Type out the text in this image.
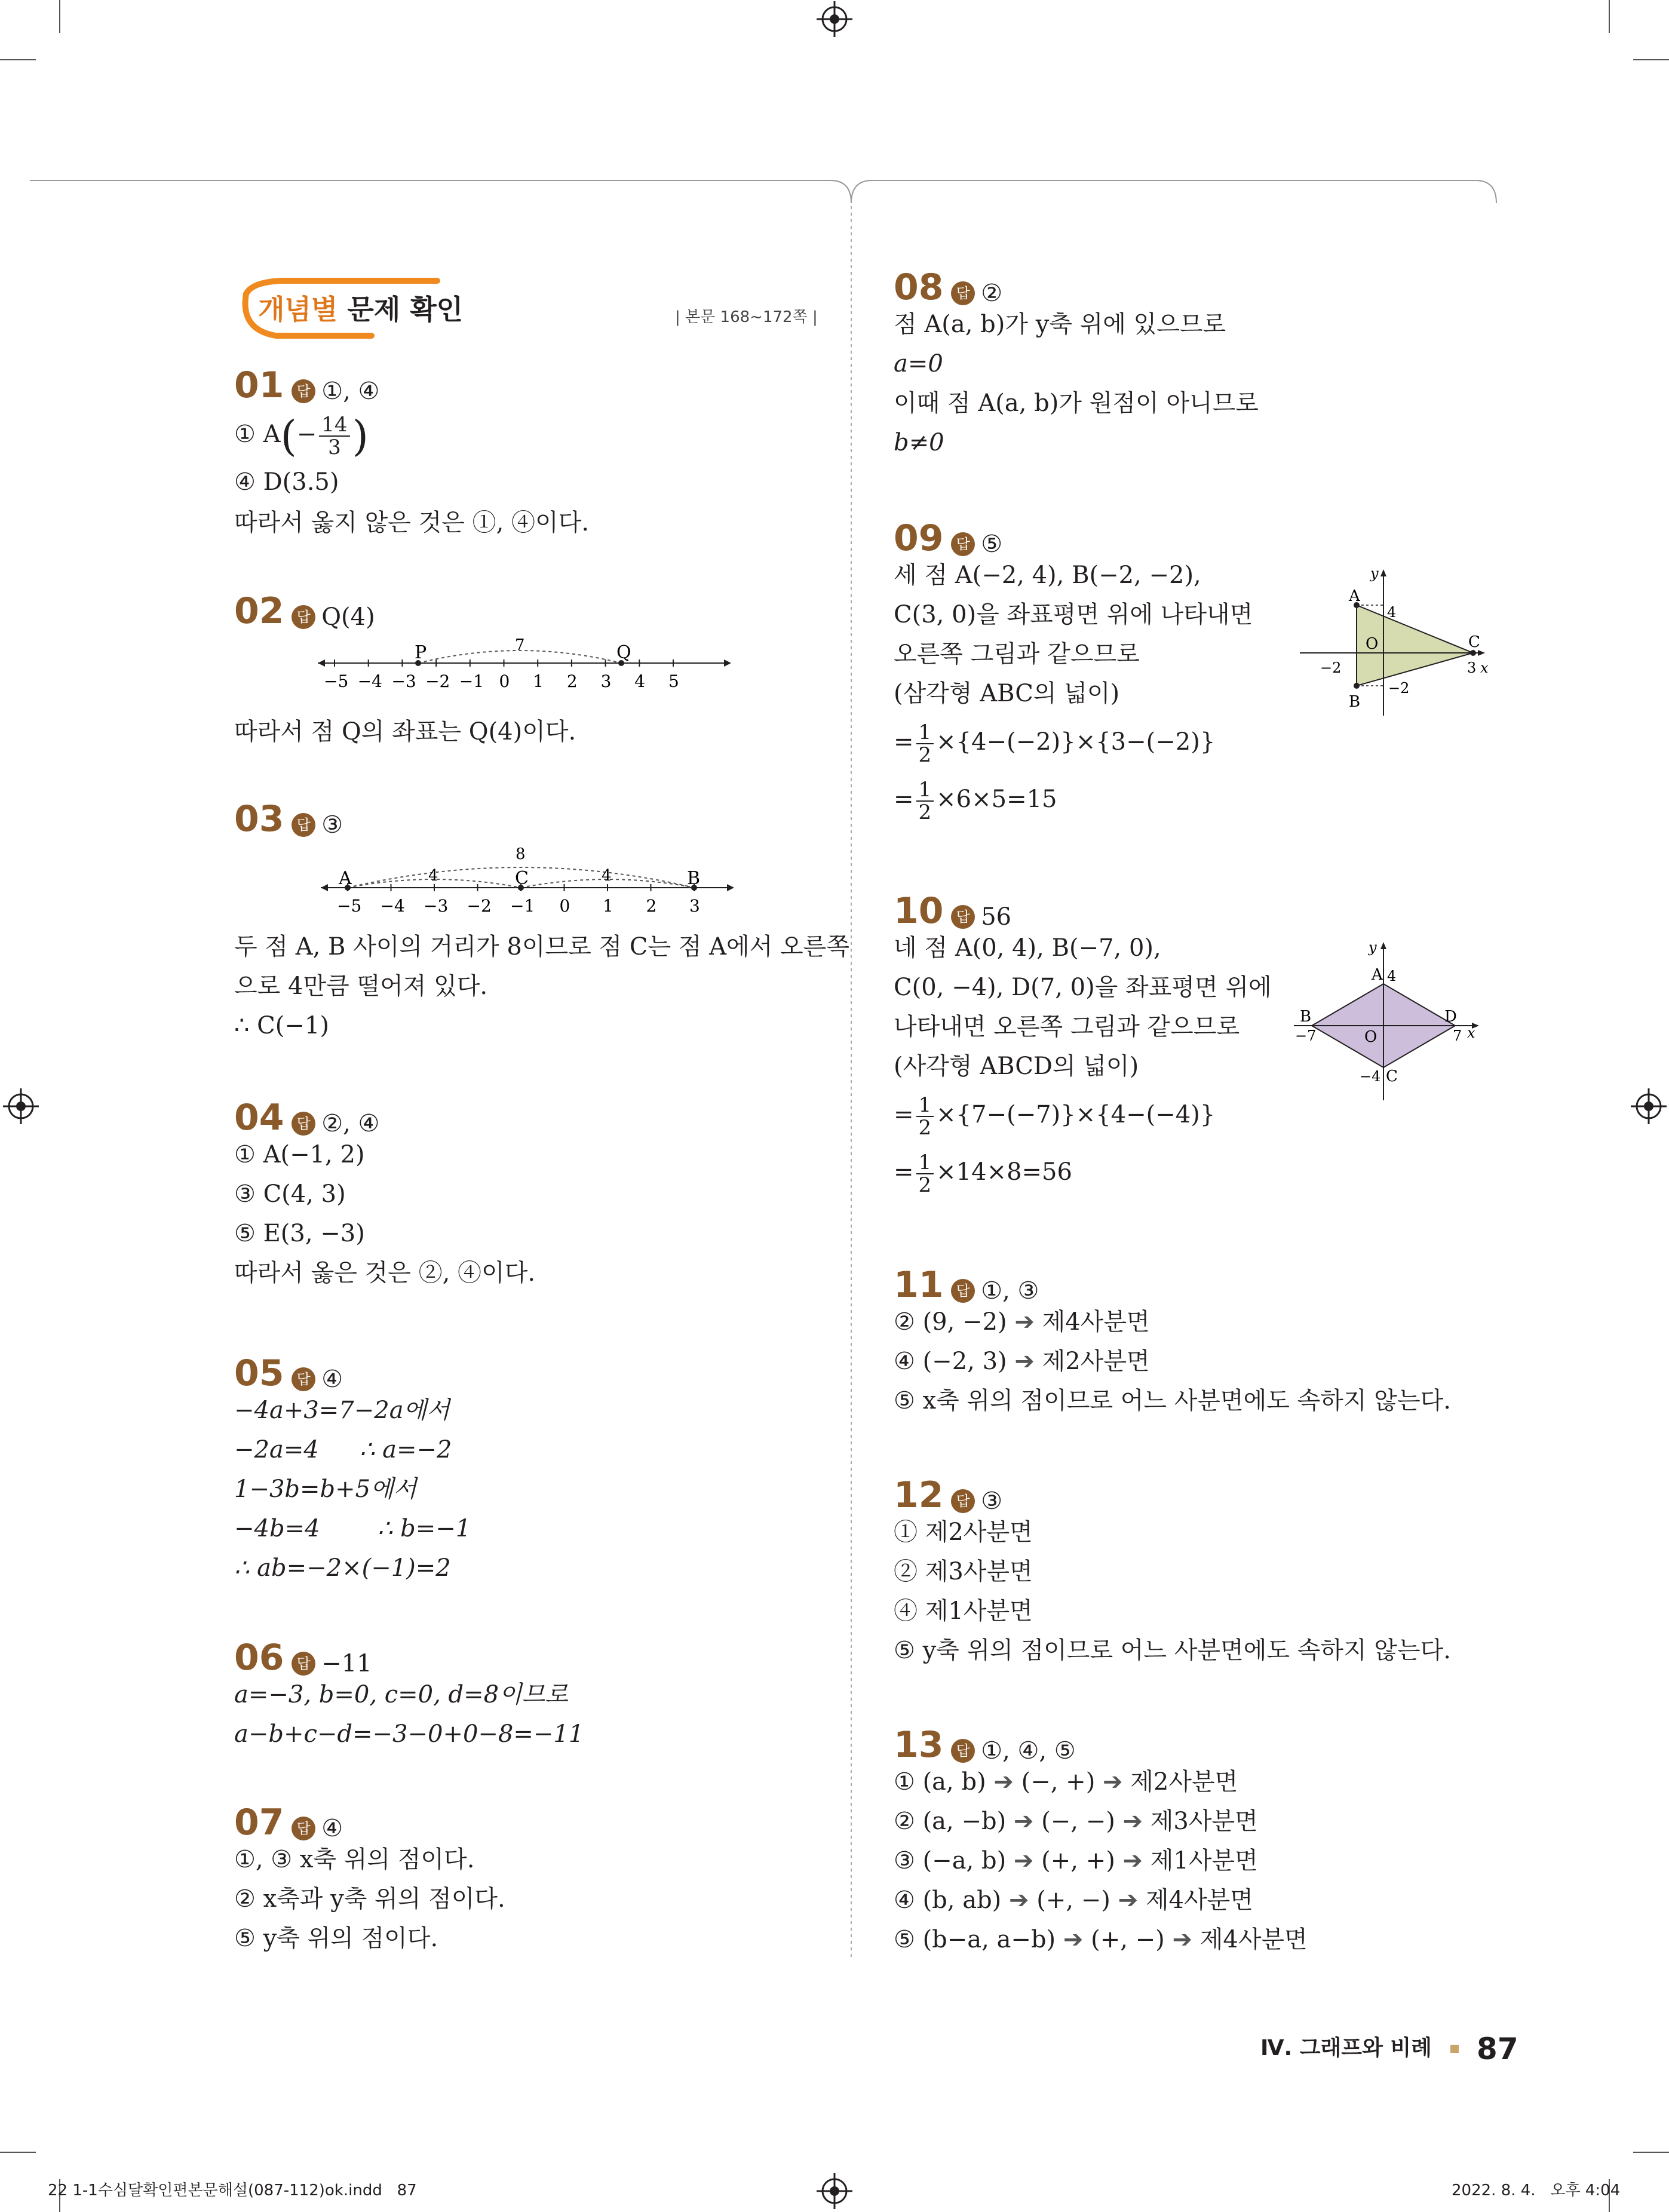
개념별 문제 확인	| 본문 168~172쪽 |
01 답 ①, ④
① $A(- \frac{14}{3}$ )
④ D(3.5)
따라서 옳지 않은 것은 ①, ④이다.
02 답 Q(4)
P	Q
7
−5 −4 −3 −2 −1 0 1 2 3 4 5
따라서 점 Q의 좌표는 Q(4)이다.
03 답 ③
A	C	B
8
4	4
−5 −4 −3 −2 −1 0 1 2 3
두 점 A, B 사이의 거리가 8이므로 점 C는 점 A에서 오른쪽
으로 4만큼 떨어져 있다.
∴ C(−1)
04 답 ②, ④
① A(−1, 2)
③ C(4, 3)
⑤ E(3, −3)
따라서 옳은 것은 ②, ④이다.
05 답 ④
−4a+3=7−2a에서
−2a=4 ∴ a=−2
1−3b=b+5에서
−4b=4 ∴ b=−1
∴ ab=−2×(−1)=2
06 답 −11
a=−3, b=0, c=0, d=8이므로
a−b+c−d=−3−0+0−8=−11
07 답 ④
①, ③ x축 위의 점이다.
② x축과 y축 위의 점이다.
⑤ y축 위의 점이다.
08 답 ②
점 A(a, b)가 y축 위에 있으므로
a=0
이때 점 A(a, b)가 원점이 아니므로
b≠0
09 답 ⑤
세 점 A(−2, 4), B(−2, −2),
C(3, 0)을 좌표평면 위에 나타내면
오른쪽 그림과 같으므로
(삼각형 ABC의 넓이)
= $\frac{1}{2} \times\{4-(-2)\}\times\{3-(-2)\}$
= $\frac{1}{2} \times 6\times 5=15$
y
x
O
A
B
C
4
−2	3
−2
10 답 56
네 점 A(0, 4), B(−7, 0),
C(0, −4), D(7, 0)을 좌표평면 위에
나타내면 오른쪽 그림과 같으므로
(사각형 ABCD의 넓이)
= $\frac{1}{2} \times\{7-(-7)\}\times\{4-(-4)\}$
= $\frac{1}{2} \times 14\times 8=56$
y
x
O
A 4
B
−7
D
7
−4 C
11 답 ①, ③
② (9, −2) ➔ 제4사분면
④ (−2, 3) ➔ 제2사분면
⑤ x축 위의 점이므로 어느 사분면에도 속하지 않는다.
12 답 ③
① 제2사분면
② 제3사분면
④ 제1사분면
⑤ y축 위의 점이므로 어느 사분면에도 속하지 않는다.
13 답 ①, ④, ⑤
① (a, b) ➔ (−, +) ➔ 제2사분면
② (a, −b) ➔ (−, −) ➔ 제3사분면
③ (−a, b) ➔ (+, +) ➔ 제1사분면
④ (b, ab) ➔ (+, −) ➔ 제4사분면
⑤ (b−a, a−b) ➔ (+, −) ➔ 제4사분면
Ⅳ. 그래프와 비례 87
22 1-1수심달확인편본문해설(087-112)ok.indd   87	2022. 8. 4.   오후 4:04
